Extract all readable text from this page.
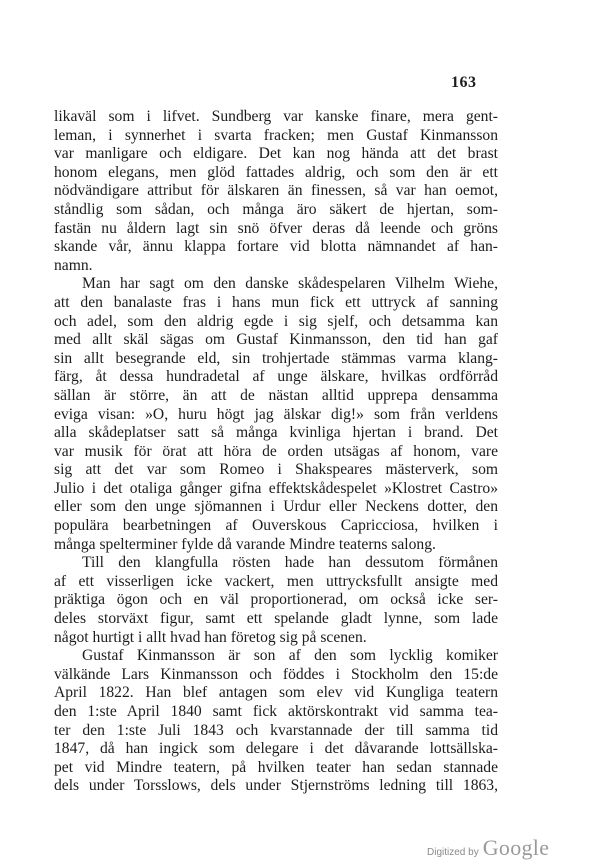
163
likaväl som i lifvet. Sundberg var kanske finare, mera gent-
leman, i synnerhet i svarta fracken; men Gustaf Kinmansson
var manligare och eldigare. Det kan nog hända att det brast
honom elegans, men glöd fattades aldrig, och som den är ett
nödvändigare attribut för älskaren än finessen, så var han oemot,
ståndlig som sådan, och många äro säkert de hjertan, som-
fastän nu åldern lagt sin snö öfver deras då leende och gröns
skande vår, ännu klappa fortare vid blotta nämnandet af han-
namn.
Man har sagt om den danske skådespelaren Vilhelm Wiehe,
att den banalaste fras i hans mun fick ett uttryck af sanning
och adel, som den aldrig egde i sig sjelf, och detsamma kan
med allt skäl sägas om Gustaf Kinmansson, den tid han gaf
sin allt besegrande eld, sin trohjertade stämmas varma klang-
färg, åt dessa hundradetal af unge älskare, hvilkas ordförråd
sällan är större, än att de nästan alltid upprepa densamma
eviga visan: »O, huru högt jag älskar dig!» som från verldens
alla skådeplatser satt så många kvinliga hjertan i brand. Det
var musik för örat att höra de orden utsägas af honom, vare
sig att det var som Romeo i Shakspeares mästerverk, som
Julio i det otaliga gånger gifna effektskådespelet »Klostret Castro»
eller som den unge sjömannen i Urdur eller Neckens dotter, den
populära bearbetningen af Ouverskous Capricciosa, hvilken i
många spelterminer fylde då varande Mindre teaterns salong.
Till den klangfulla rösten hade han dessutom förmånen
af ett visserligen icke vackert, men uttrycksfullt ansigte med
präktiga ögon och en väl proportionerad, om också icke ser-
deles storväxt figur, samt ett spelande gladt lynne, som lade
något hurtigt i allt hvad han företog sig på scenen.
Gustaf Kinmansson är son af den som lycklig komiker
välkände Lars Kinmansson och föddes i Stockholm den 15:de
April 1822. Han blef antagen som elev vid Kungliga teatern
den 1:ste April 1840 samt fick aktörskontrakt vid samma tea-
ter den 1:ste Juli 1843 och kvarstannade der till samma tid
1847, då han ingick som delegare i det dåvarande lottsällska-
pet vid Mindre teatern, på hvilken teater han sedan stannade
dels under Torsslows, dels under Stjernströms ledning till 1863,
Digitized by Google
